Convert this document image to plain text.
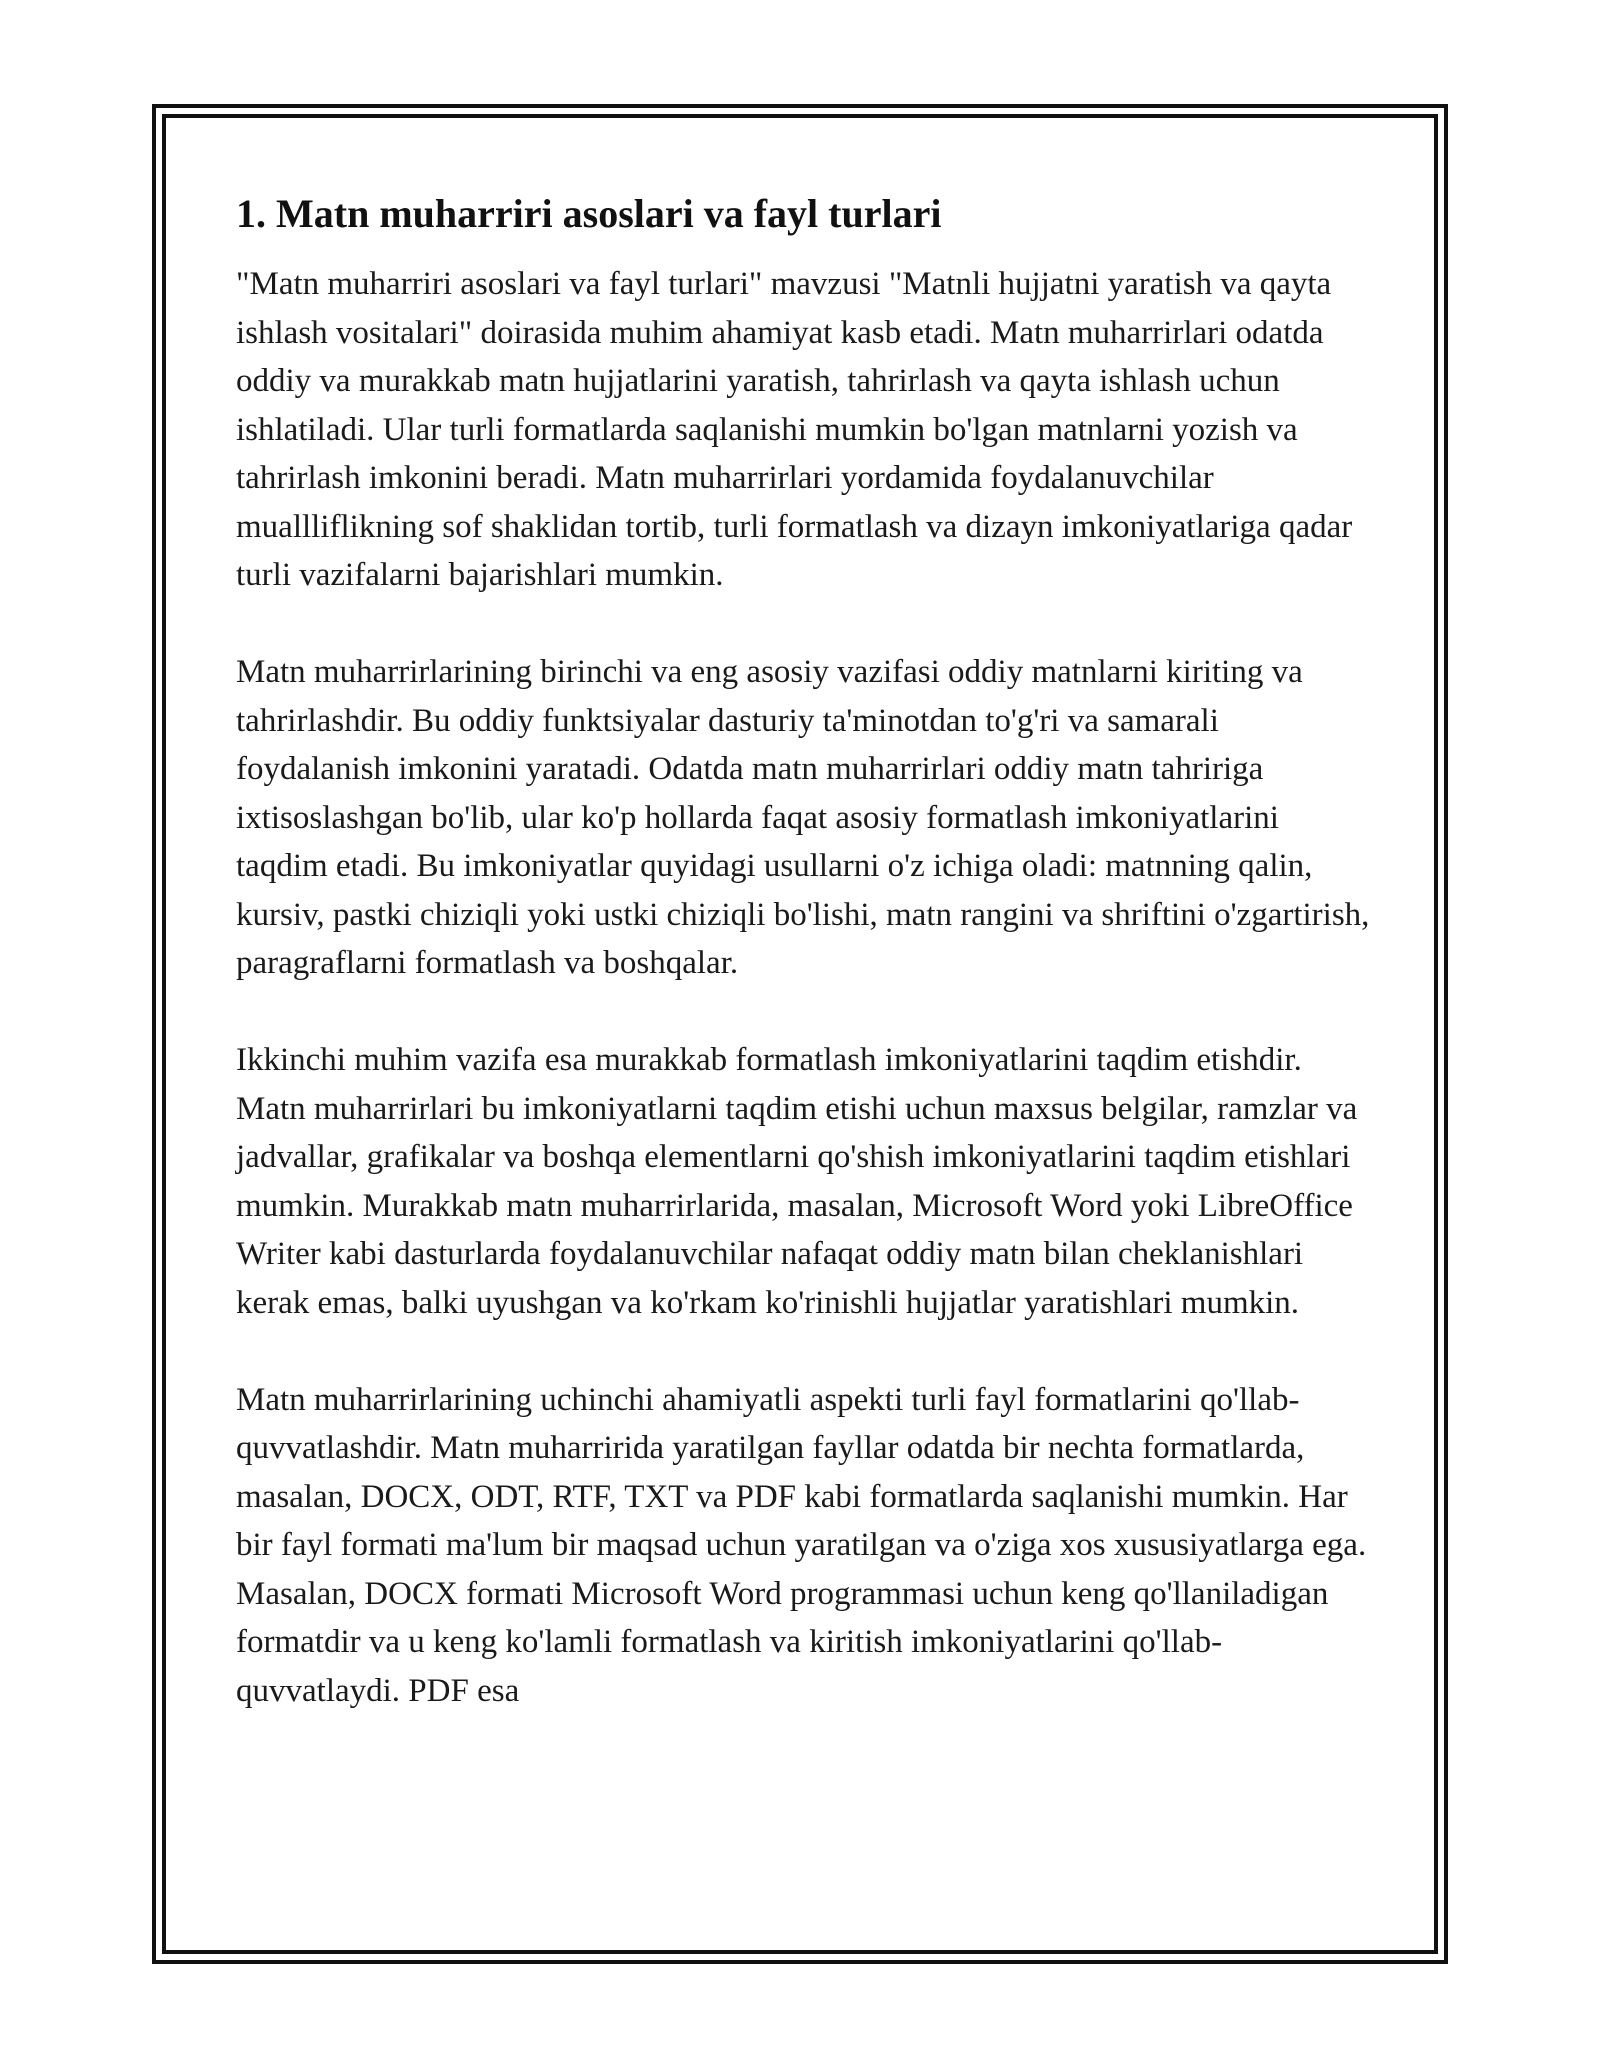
1. Matn muharriri asoslari va fayl turlari

"Matn muharriri asoslari va fayl turlari" mavzusi "Matnli hujjatni yaratish va qayta ishlash vositalari" doirasida muhim ahamiyat kasb etadi. Matn muharrirlari odatda oddiy va murakkab matn hujjatlarini yaratish, tahrirlash va qayta ishlash uchun ishlatiladi. Ular turli formatlarda saqlanishi mumkin bo'lgan matnlarni yozish va tahrirlash imkonini beradi. Matn muharrirlari yordamida foydalanuvchilar muallliflikning sof shaklidan tortib, turli formatlash va dizayn imkoniyatlariga qadar turli vazifalarni bajarishlari mumkin.

Matn muharrirlarining birinchi va eng asosiy vazifasi oddiy matnlarni kiriting va tahrirlashdir. Bu oddiy funktsiyalar dasturiy ta'minotdan to'g'ri va samarali foydalanish imkonini yaratadi. Odatda matn muharrirlari oddiy matn tahririga ixtisoslashgan bo'lib, ular ko'p hollarda faqat asosiy formatlash imkoniyatlarini taqdim etadi. Bu imkoniyatlar quyidagi usullarni o'z ichiga oladi: matnning qalin, kursiv, pastki chiziqli yoki ustki chiziqli bo'lishi, matn rangini va shriftini o'zgartirish, paragraflarni formatlash va boshqalar.

Ikkinchi muhim vazifa esa murakkab formatlash imkoniyatlarini taqdim etishdir. Matn muharrirlari bu imkoniyatlarni taqdim etishi uchun maxsus belgilar, ramzlar va jadvallar, grafikalar va boshqa elementlarni qo'shish imkoniyatlarini taqdim etishlari mumkin. Murakkab matn muharrirlarida, masalan, Microsoft Word yoki LibreOffice Writer kabi dasturlarda foydalanuvchilar nafaqat oddiy matn bilan cheklanishlari kerak emas, balki uyushgan va ko'rkam ko'rinishli hujjatlar yaratishlari mumkin.

Matn muharrirlarining uchinchi ahamiyatli aspekti turli fayl formatlarini qo'llab-quvvatlashdir. Matn muharririda yaratilgan fayllar odatda bir nechta formatlarda, masalan, DOCX, ODT, RTF, TXT va PDF kabi formatlarda saqlanishi mumkin. Har bir fayl formati ma'lum bir maqsad uchun yaratilgan va o'ziga xos xususiyatlarga ega. Masalan, DOCX formati Microsoft Word programmasi uchun keng qo'llaniladigan formatdir va u keng ko'lamli formatlash va kiritish imkoniyatlarini qo'llab-quvvatlaydi. PDF esa
